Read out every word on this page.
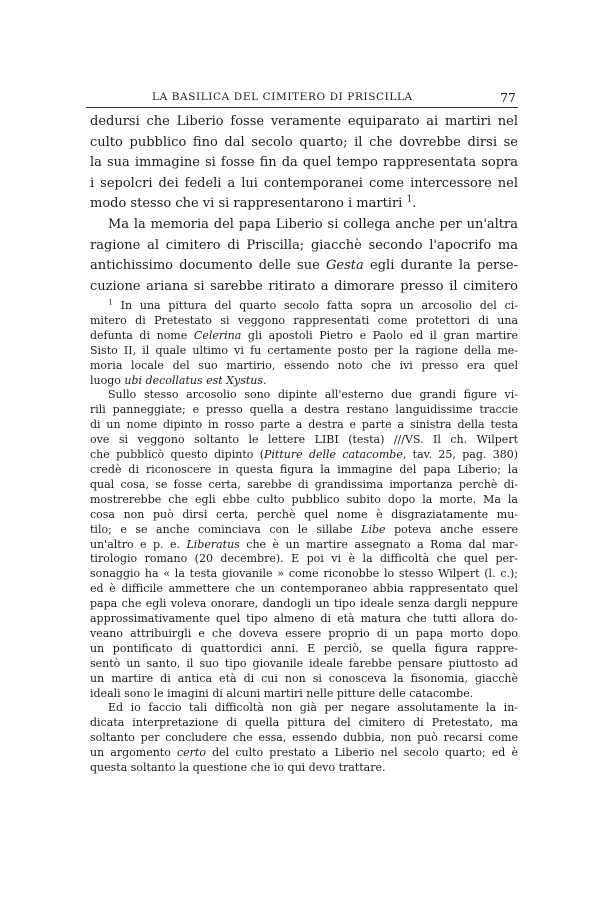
LA BASILICA DEL CIMITERO DI PRISCILLA	77
dedursi che Liberio fosse veramente equiparato ai martiri nel
culto pubblico fino dal secolo quarto; il che dovrebbe dirsi se
la sua immagine si fosse fin da quel tempo rappresentata sopra
i sepolcri dei fedeli a lui contemporanei come intercessore nel
modo stesso che vi si rappresentarono i martiri $^1$.
Ma la memoria del papa Liberio si collega anche per un'altra
ragione al cimitero di Priscilla; giacchè secondo l'apocrifo ma
antichissimo documento delle sue Gesta egli durante la perse-
cuzione ariana si sarebbe ritirato a dimorare presso il cimitero
$^1$ In una pittura del quarto secolo fatta sopra un arcosolio del ci-
mitero di Pretestato si veggono rappresentati come protettori di una
defunta di nome Celerina gli apostoli Pietro e Paolo ed il gran martire
Sisto II, il quale ultimo vi fu certamente posto per la ragione della me-
moria locale del suo martirio, essendo noto che ivi presso era quel
luogo ubi decollatus est Xystus.
Sullo stesso arcosolio sono dipinte all'esterno due grandi figure vi-
rili panneggiate; e presso quella a destra restano languidissime traccie
di un nome dipinto in rosso parte a destra e parte a sinistra della testa
ove si veggono soltanto le lettere LIBI (testa) ///VS. Il ch. Wilpert
che pubblicò questo dipinto (Pitture delle catacombe, tav. 25, pag. 380)
credè di riconoscere in questa figura la immagine del papa Liberio; la
qual cosa, se fosse certa, sarebbe di grandissima importanza perchè di-
mostrerebbe che egli ebbe culto pubblico subito dopo la morte. Ma la
cosa non può dirsi certa, perchè quel nome è disgraziatamente mu-
tilo; e se anche cominciava con le sillabe Libe poteva anche essere
un'altro e p. e. Liberatus che è un martire assegnato a Roma dal mar-
tirologio romano (20 decembre). E poi vi è la difficoltà che quel per-
sonaggio ha « la testa giovanile » come riconobbe lo stesso Wilpert (l. c.);
ed è difficile ammettere che un contemporaneo abbia rappresentato quel
papa che egli voleva onorare, dandogli un tipo ideale senza dargli neppure
approssimativamente quel tipo almeno di età matura che tutti allora do-
veano attribuirgli e che doveva essere proprio di un papa morto dopo
un pontificato di quattordici anni. E perciò, se quella figura rappre-
sentò un santo, il suo tipo giovanile ideale farebbe pensare piuttosto ad
un martire di antica età di cui non si conosceva la fisonomia, giacchè
ideali sono le imagini di alcuni martiri nelle pitture delle catacombe.
Ed io faccio tali difficoltà non già per negare assolutamente la in-
dicata interpretazione di quella pittura del cimitero di Pretestato, ma
soltanto per concludere che essa, essendo dubbia, non può recarsi come
un argomento certo del culto prestato a Liberio nel secolo quarto; ed è
questa soltanto la questione che io qui devo trattare.
